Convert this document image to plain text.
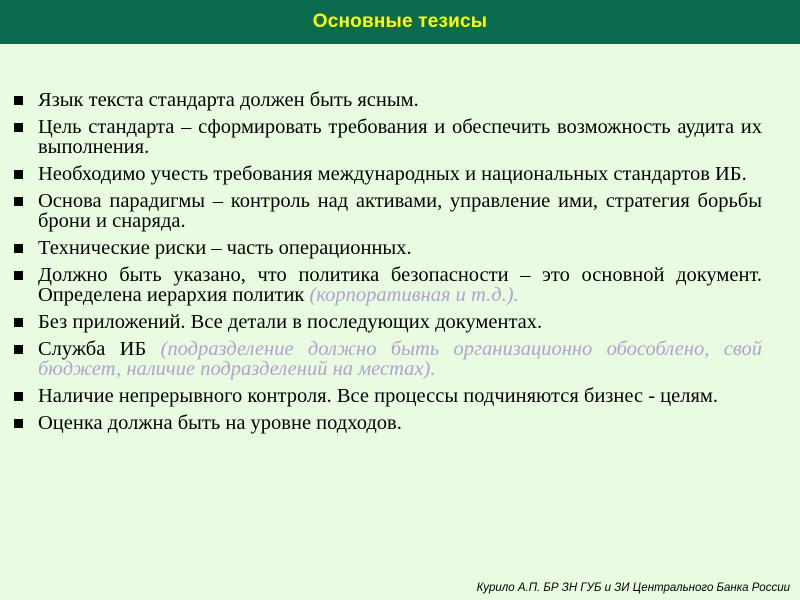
Основные тезисы
Язык текста стандарта должен быть ясным.
Цель стандарта – сформировать требования и обеспечить возможность аудита их выполнения.
Необходимо учесть требования международных и национальных стандартов ИБ.
Основа парадигмы – контроль над активами, управление ими, стратегия борьбы брони и снаряда.
Технические риски – часть операционных.
Должно быть указано, что политика безопасности – это основной документ. Определена иерархия политик (корпоративная и т.д.).
Без приложений. Все детали в последующих документах.
Служба ИБ (подразделение должно быть организационно обособлено, свой бюджет, наличие подразделений на местах).
Наличие непрерывного контроля. Все процессы подчиняются бизнес - целям.
Оценка должна быть на уровне подходов.
Курило А.П. БР ЗН ГУБ и ЗИ Центрального Банка России
